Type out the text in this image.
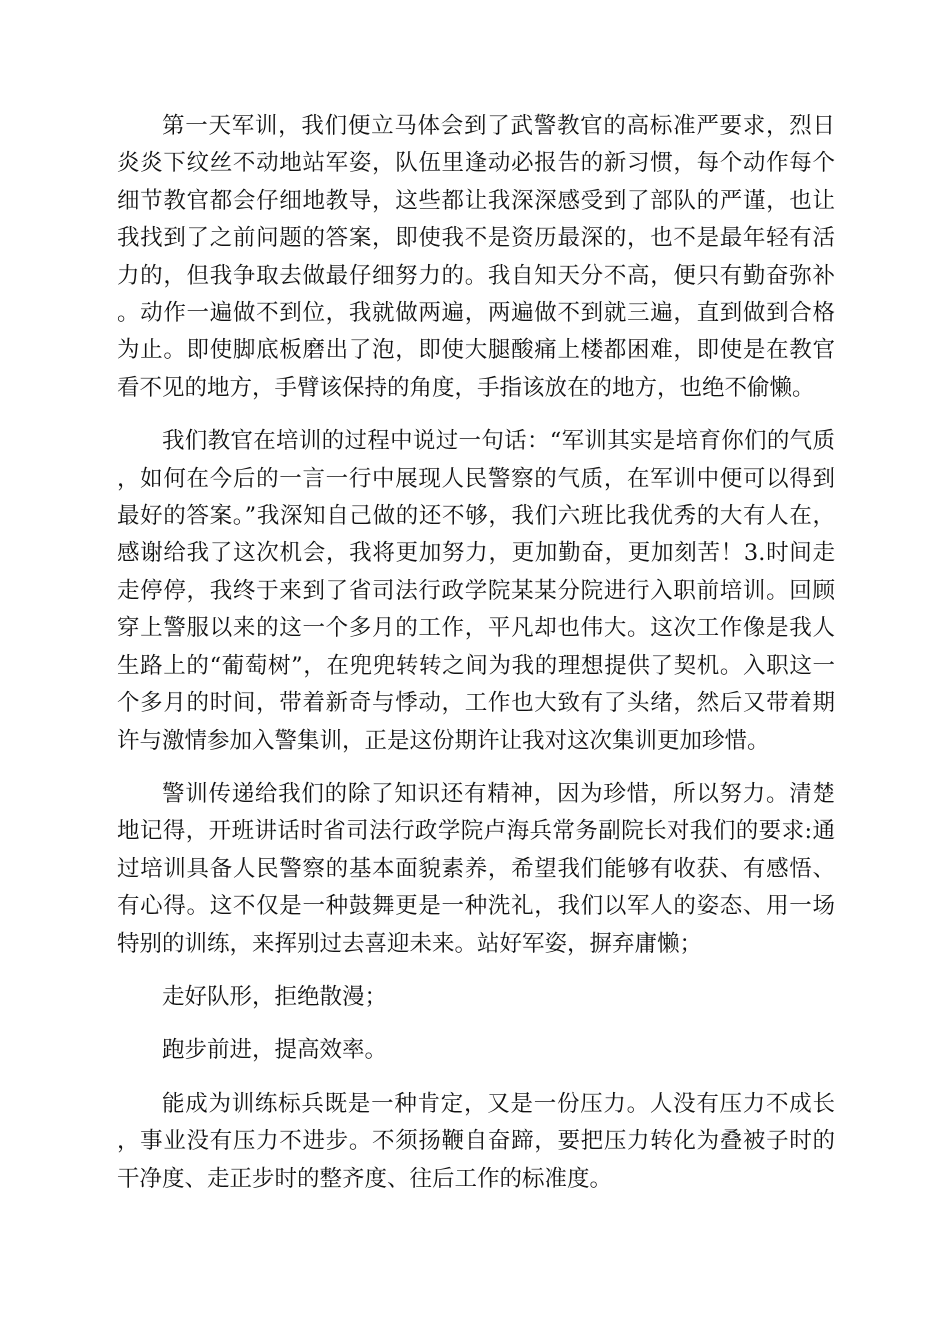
第一天军训，我们便立马体会到了武警教官的高标准严要求，烈日炎炎下纹丝不动地站军姿，队伍里逢动必报告的新习惯，每个动作每个细节教官都会仔细地教导，这些都让我深深感受到了部队的严谨，也让我找到了之前问题的答案，即使我不是资历最深的，也不是最年轻有活力的，但我争取去做最仔细努力的。我自知天分不高，便只有勤奋弥补。动作一遍做不到位，我就做两遍，两遍做不到就三遍，直到做到合格为止。即使脚底板磨出了泡，即使大腿酸痛上楼都困难，即使是在教官看不见的地方，手臂该保持的角度，手指该放在的地方，也绝不偷懒。

我们教官在培训的过程中说过一句话：“军训其实是培育你们的气质，如何在今后的一言一行中展现人民警察的气质，在军训中便可以得到最好的答案。”我深知自己做的还不够，我们六班比我优秀的大有人在，感谢给我了这次机会，我将更加努力，更加勤奋，更加刻苦！3.时间走走停停，我终于来到了省司法行政学院某某分院进行入职前培训。回顾穿上警服以来的这一个多月的工作，平凡却也伟大。这次工作像是我人生路上的“葡萄树”，在兜兜转转之间为我的理想提供了契机。入职这一个多月的时间，带着新奇与悸动，工作也大致有了头绪，然后又带着期许与激情参加入警集训，正是这份期许让我对这次集训更加珍惜。

警训传递给我们的除了知识还有精神，因为珍惜，所以努力。清楚地记得，开班讲话时省司法行政学院卢海兵常务副院长对我们的要求:通过培训具备人民警察的基本面貌素养，希望我们能够有收获、有感悟、有心得。这不仅是一种鼓舞更是一种洗礼，我们以军人的姿态、用一场特别的训练，来挥别过去喜迎未来。站好军姿，摒弃庸懒；

走好队形，拒绝散漫；

跑步前进，提高效率。

能成为训练标兵既是一种肯定，又是一份压力。人没有压力不成长，事业没有压力不进步。不须扬鞭自奋蹄，要把压力转化为叠被子时的干净度、走正步时的整齐度、往后工作的标准度。
